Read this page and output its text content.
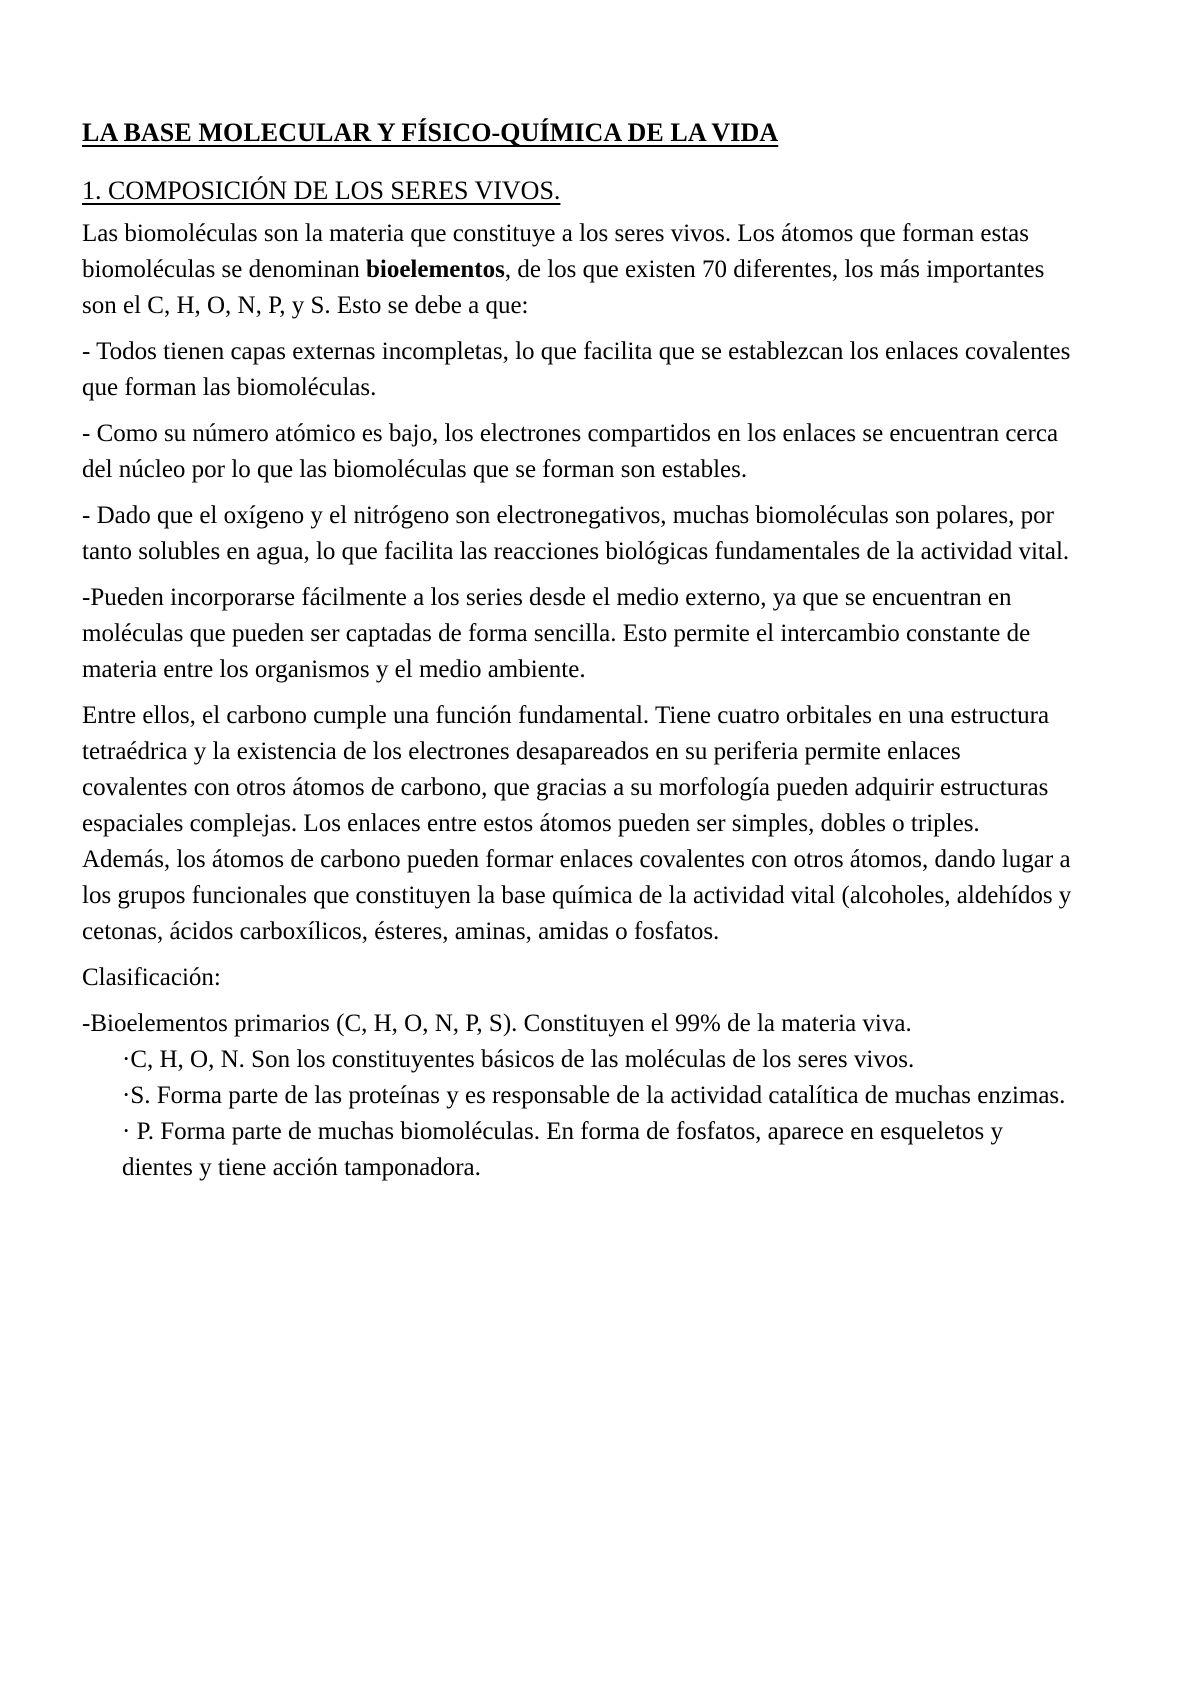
LA BASE MOLECULAR Y FÍSICO-QUÍMICA DE LA VIDA
1. COMPOSICIÓN DE LOS SERES VIVOS.

Las biomoléculas son la materia que constituye a los seres vivos. Los átomos que forman estas biomoléculas se denominan bioelementos, de los que existen 70 diferentes, los más importantes son el C, H, O, N, P, y S. Esto se debe a que:

- Todos tienen capas externas incompletas, lo que facilita que se establezcan los enlaces covalentes que forman las biomoléculas.

- Como su número atómico es bajo, los electrones compartidos en los enlaces se encuentran cerca del núcleo por lo que las biomoléculas que se forman son estables.

- Dado que el oxígeno y el nitrógeno son electronegativos, muchas biomoléculas son polares, por tanto solubles en agua, lo que facilita las reacciones biológicas fundamentales de la actividad vital.

-Pueden incorporarse fácilmente a los series desde el medio externo, ya que se encuentran en moléculas que pueden ser captadas de forma sencilla. Esto permite el intercambio constante de materia entre los organismos y el medio ambiente.

Entre ellos, el carbono cumple una función fundamental. Tiene cuatro orbitales en una estructura tetraédrica y la existencia de los electrones desapareados en su periferia permite enlaces covalentes con otros átomos de carbono, que gracias a su morfología pueden adquirir estructuras espaciales complejas. Los enlaces entre estos átomos pueden ser simples, dobles o triples. Además, los átomos de carbono pueden formar enlaces covalentes con otros átomos, dando lugar a los grupos funcionales que constituyen la base química de la actividad vital (alcoholes, aldehídos y cetonas, ácidos carboxílicos, ésteres, aminas, amidas o fosfatos.

Clasificación:

-Bioelementos primarios (C, H, O, N, P, S). Constituyen el 99% de la materia viva.

·C, H, O, N. Son los constituyentes básicos de las moléculas de los seres vivos.

·S. Forma parte de las proteínas y es responsable de la actividad catalítica de muchas enzimas.

· P. Forma parte de muchas biomoléculas. En forma de fosfatos, aparece en esqueletos y dientes y tiene acción tamponadora.
